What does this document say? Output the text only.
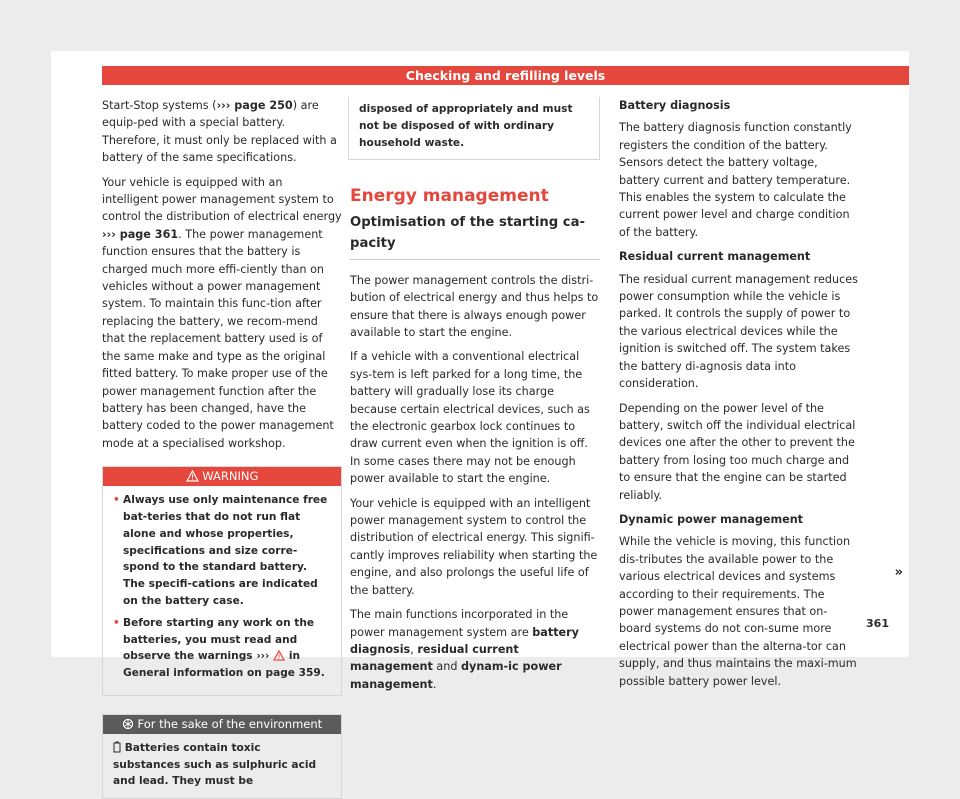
Checking and refilling levels

Start-Stop systems (››› page 250) are equip-ped with a special battery. Therefore, it must only be replaced with a battery of the same specifications.

Your vehicle is equipped with an intelligent power management system to control the distribution of electrical energy ››› page 361. The power management function ensures that the battery is charged much more effi-ciently than on vehicles without a power management system. To maintain this func-tion after replacing the battery, we recom-mend that the replacement battery used is of the same make and type as the original fitted battery. To make proper use of the power management function after the battery has been changed, have the battery coded to the power management mode at a specialised workshop.

WARNING
• Always use only maintenance free bat-teries that do not run flat alone and whose properties, specifications and size corre-spond to the standard battery. The specifi-cations are indicated on the battery case.
• Before starting any work on the batteries, you must read and observe the warnings ›››  in General information on page 359.
For the sake of the environment
Batteries contain toxic substances such as sulphuric acid and lead. They must be
disposed of appropriately and must not be disposed of with ordinary household waste.
Energy management
Optimisation of the starting ca-pacity

The power management controls the distri-bution of electrical energy and thus helps to ensure that there is always enough power available to start the engine.

If a vehicle with a conventional electrical sys-tem is left parked for a long time, the battery will gradually lose its charge because certain electrical devices, such as the electronic gearbox lock continues to draw current even when the ignition is off. In some cases there may not be enough power available to start the engine.

Your vehicle is equipped with an intelligent power management system to control the distribution of electrical energy. This signifi-cantly improves reliability when starting the engine, and also prolongs the useful life of the battery.

The main functions incorporated in the power management system are battery diagnosis, residual current management and dynam-ic power management.

Battery diagnosis

The battery diagnosis function constantly registers the condition of the battery. Sensors detect the battery voltage, battery current and battery temperature. This enables the system to calculate the current power level and charge condition of the battery.

Residual current management

The residual current management reduces power consumption while the vehicle is parked. It controls the supply of power to the various electrical devices while the ignition is switched off. The system takes the battery di-agnosis data into consideration.

Depending on the power level of the battery, switch off the individual electrical devices one after the other to prevent the battery from losing too much charge and to ensure that the engine can be started reliably.

Dynamic power management

While the vehicle is moving, this function dis-tributes the available power to the various electrical devices and systems according to their requirements. The power management ensures that on-board systems do not con-sume more electrical power than the alterna-tor can supply, and thus maintains the maxi-mum possible battery power level.

»
361
